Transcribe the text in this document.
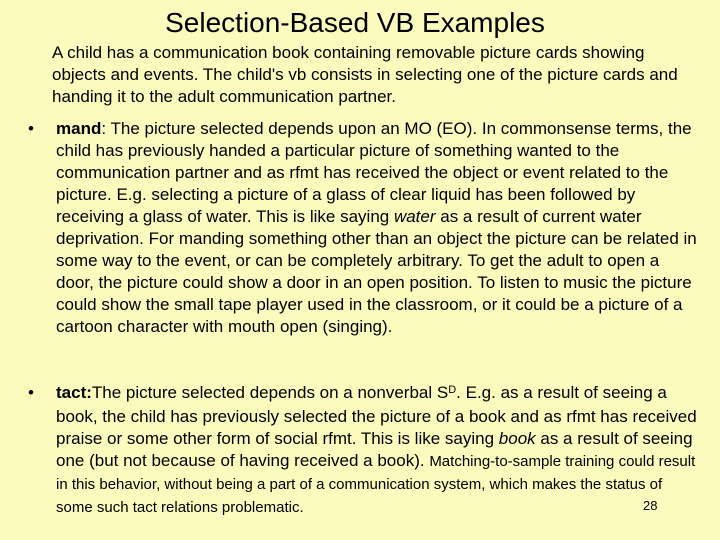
Selection-Based VB Examples
A child has a communication book containing removable picture cards showing objects and events. The child's vb consists in selecting one of the picture cards and handing it to the adult communication partner.
•	mand: The picture selected depends upon an MO (EO). In commonsense terms, the child has previously handed a particular picture of something wanted to the communication partner and as rfmt has received the object or event related to the picture. E.g. selecting a picture of a glass of clear liquid has been followed by receiving a glass of water. This is like saying water as a result of current water deprivation. For manding something other than an object the picture can be related in some way to the event, or can be completely arbitrary. To get the adult to open a door, the picture could show a door in an open position. To listen to music the picture could show the small tape player used in the classroom, or it could be a picture of a cartoon character with mouth open (singing).
•	tact:The picture selected depends on a nonverbal $S^D$. E.g. as a result of seeing a book, the child has previously selected the picture of a book and as rfmt has received praise or some other form of social rfmt. This is like saying book as a result of seeing one (but not because of having received a book). Matching-to-sample training could result in this behavior, without being a part of a communication system, which makes the status of some such tact relations problematic.	28
